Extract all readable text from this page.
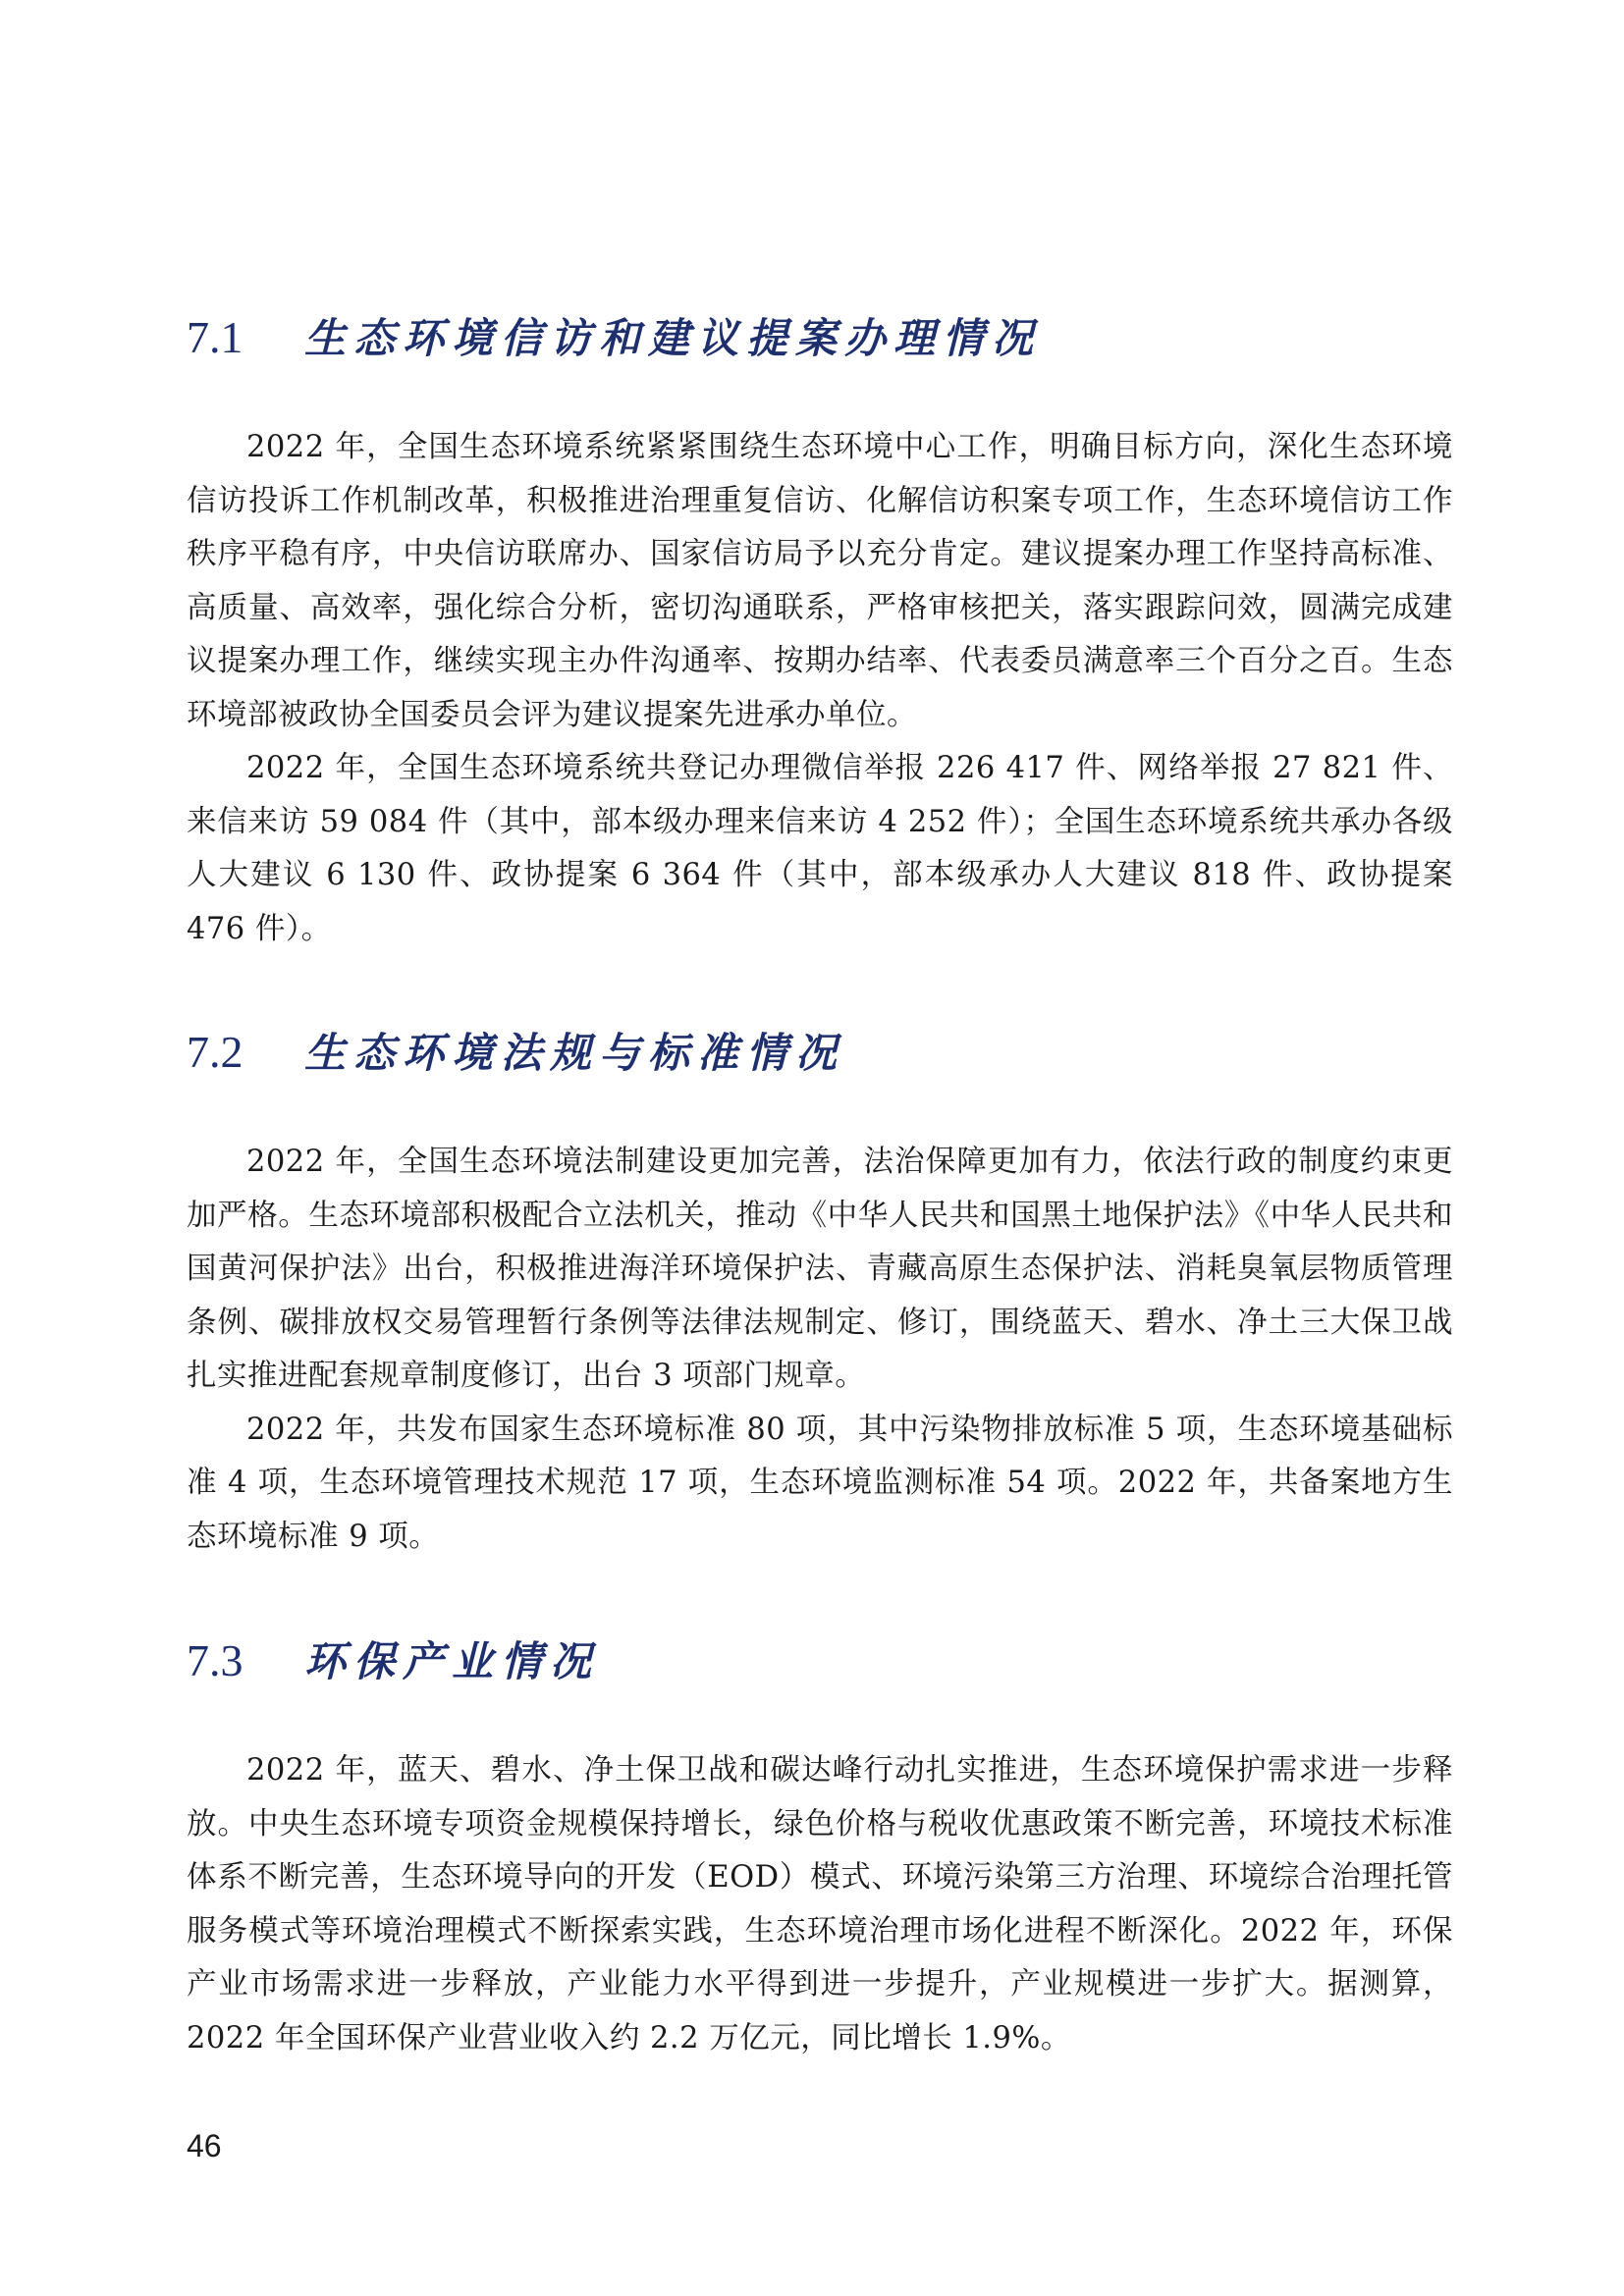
7.1	生态环境信访和建议提案办理情况

2022 年，全国生态环境系统紧紧围绕生态环境中心工作，明确目标方向，深化生态环境信访投诉工作机制改革，积极推进治理重复信访、化解信访积案专项工作，生态环境信访工作秩序平稳有序，中央信访联席办、国家信访局予以充分肯定。建议提案办理工作坚持高标准、高质量、高效率，强化综合分析，密切沟通联系，严格审核把关，落实跟踪问效，圆满完成建议提案办理工作，继续实现主办件沟通率、按期办结率、代表委员满意率三个百分之百。生态环境部被政协全国委员会评为建议提案先进承办单位。

2022 年，全国生态环境系统共登记办理微信举报 226 417 件、网络举报 27 821 件、来信来访 59 084 件（其中，部本级办理来信来访 4 252 件）；全国生态环境系统共承办各级人大建议 6 130 件、政协提案 6 364 件（其中，部本级承办人大建议 818 件、政协提案 476 件）。

7.2	生态环境法规与标准情况

2022 年，全国生态环境法制建设更加完善，法治保障更加有力，依法行政的制度约束更加严格。生态环境部积极配合立法机关，推动《中华人民共和国黑土地保护法》《中华人民共和国黄河保护法》出台，积极推进海洋环境保护法、青藏高原生态保护法、消耗臭氧层物质管理条例、碳排放权交易管理暂行条例等法律法规制定、修订，围绕蓝天、碧水、净土三大保卫战扎实推进配套规章制度修订，出台 3 项部门规章。

2022 年，共发布国家生态环境标准 80 项，其中污染物排放标准 5 项，生态环境基础标准 4 项，生态环境管理技术规范 17 项，生态环境监测标准 54 项。2022 年，共备案地方生态环境标准 9 项。

7.3	环保产业情况

2022 年，蓝天、碧水、净土保卫战和碳达峰行动扎实推进，生态环境保护需求进一步释放。中央生态环境专项资金规模保持增长，绿色价格与税收优惠政策不断完善，环境技术标准体系不断完善，生态环境导向的开发（EOD）模式、环境污染第三方治理、环境综合治理托管服务模式等环境治理模式不断探索实践，生态环境治理市场化进程不断深化。2022 年，环保产业市场需求进一步释放，产业能力水平得到进一步提升，产业规模进一步扩大。据测算，2022 年全国环保产业营业收入约 2.2 万亿元，同比增长 1.9%。

46
